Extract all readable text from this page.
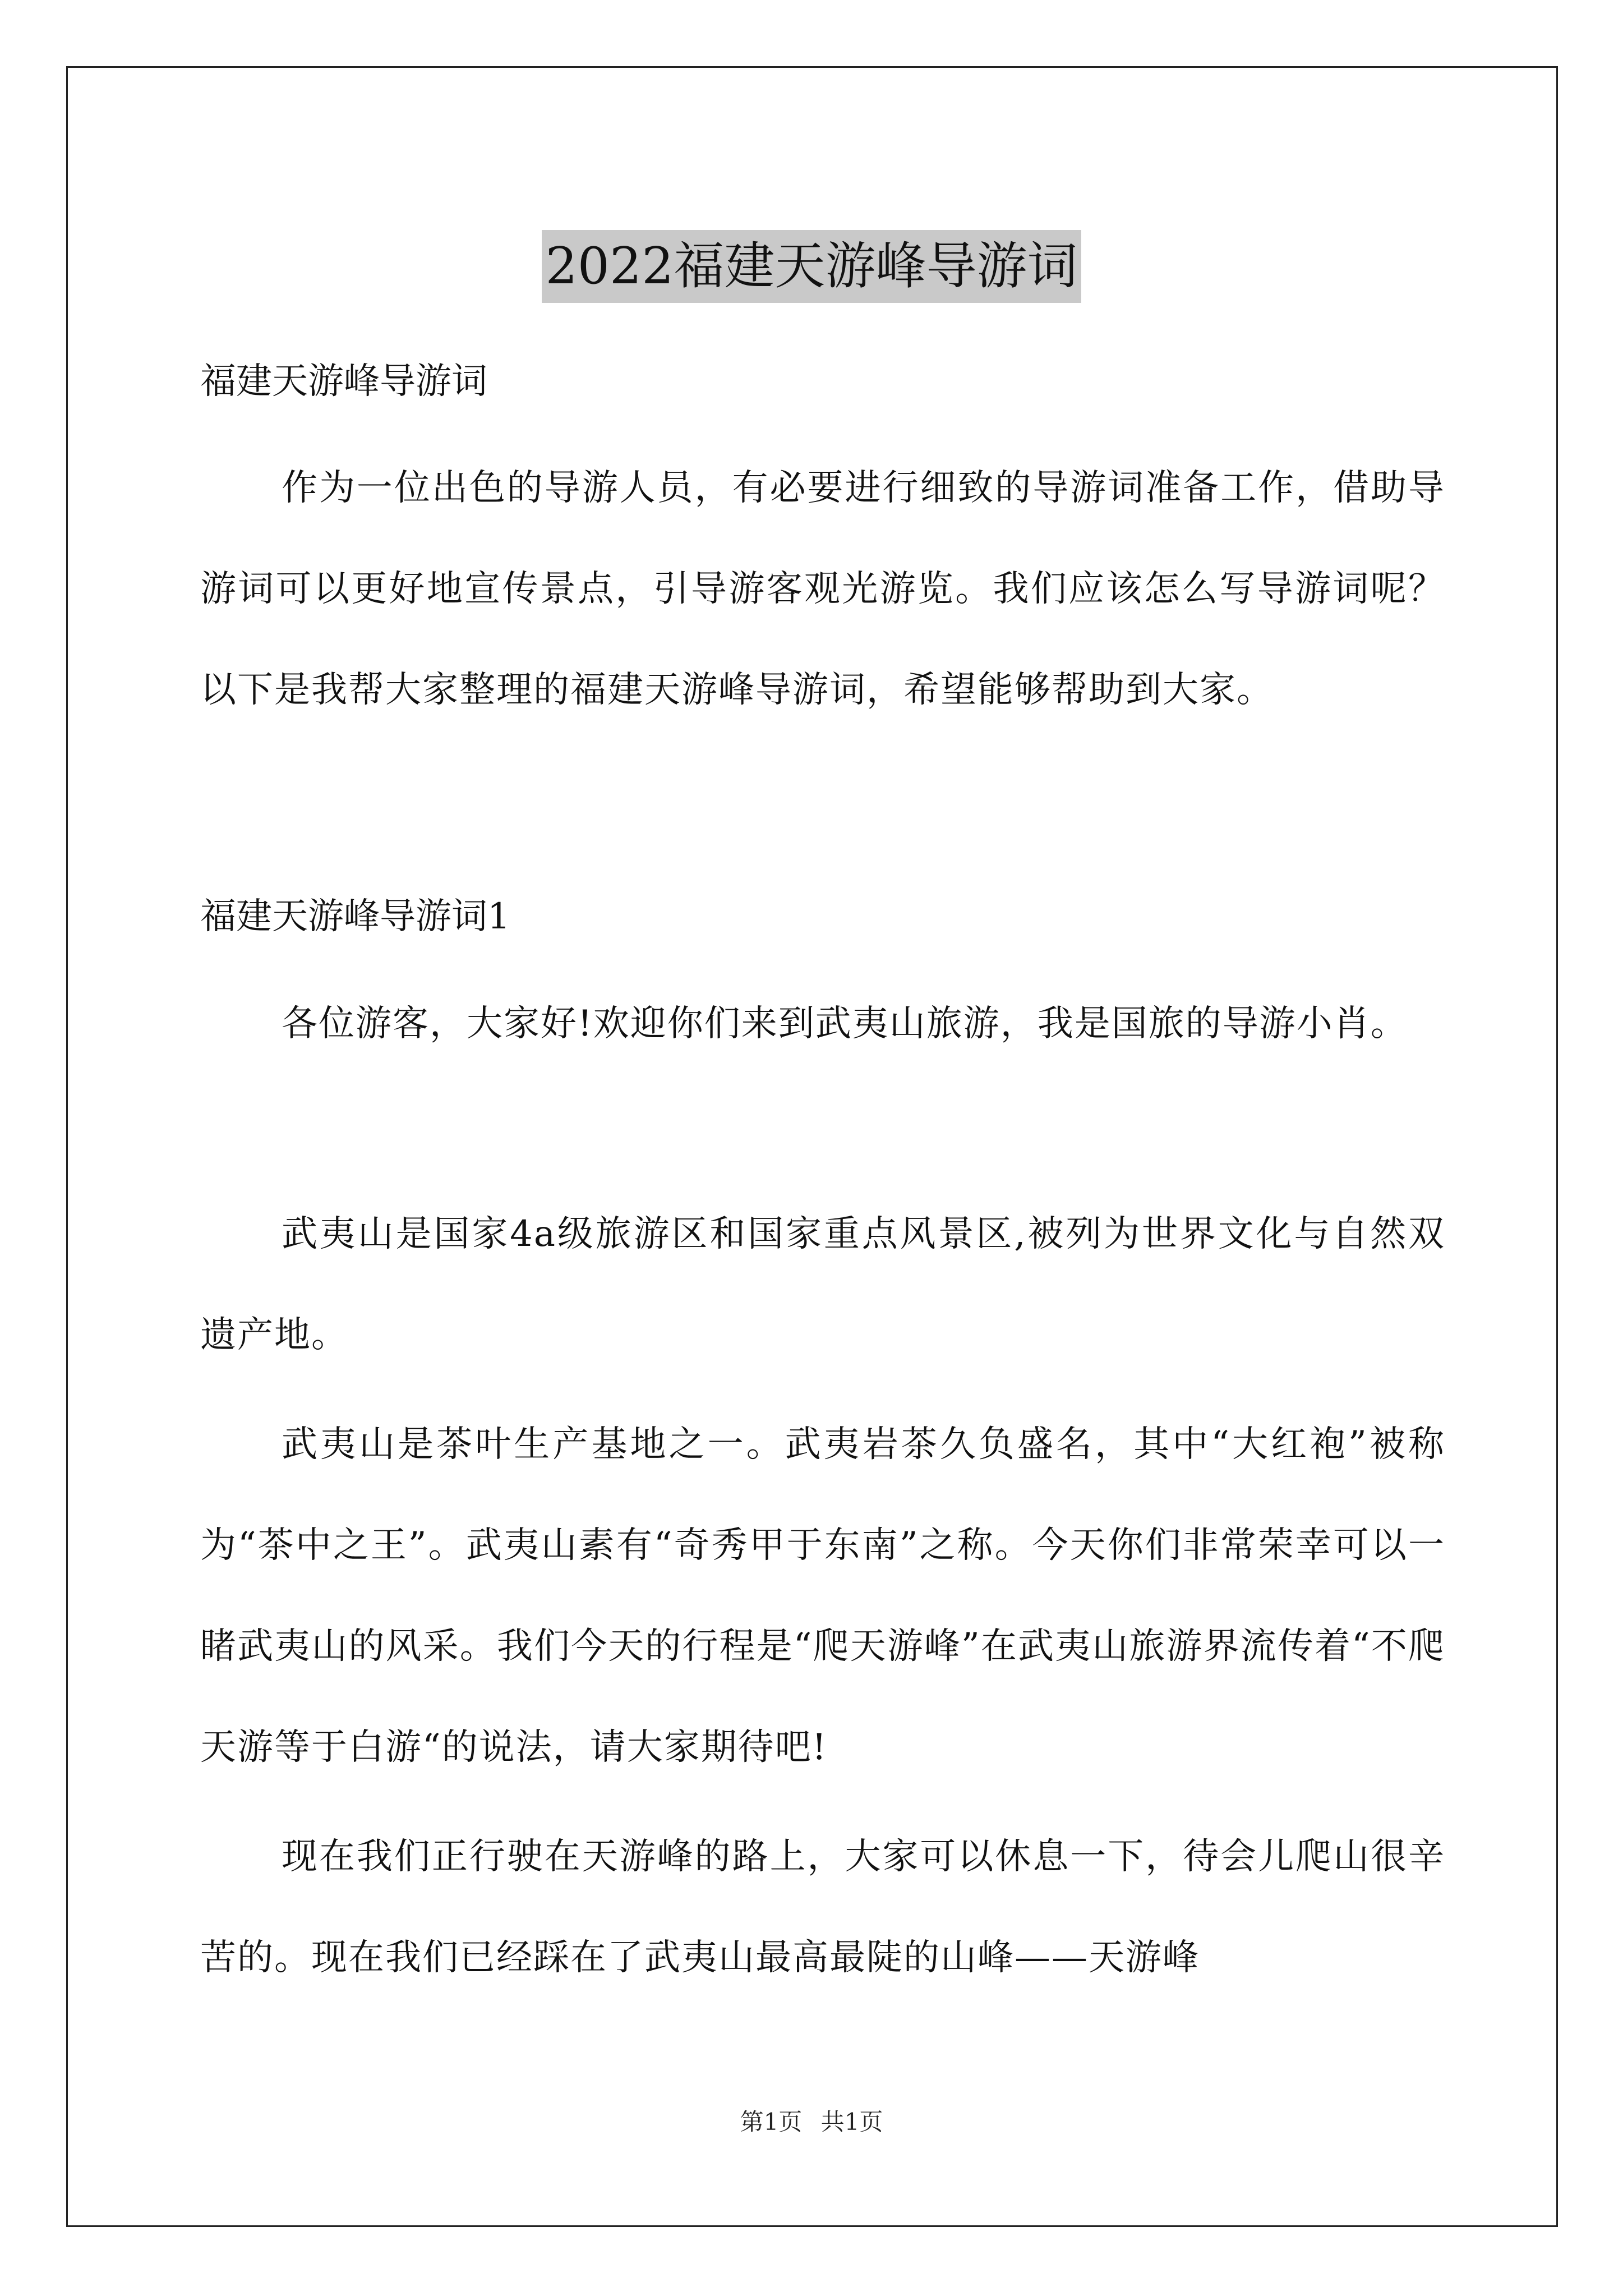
2022福建天游峰导游词
福建天游峰导游词

作为一位出色的导游人员，有必要进行细致的导游词准备工作，借助导游词可以更好地宣传景点，引导游客观光游览。我们应该怎么写导游词呢？以下是我帮大家整理的福建天游峰导游词，希望能够帮助到大家。

福建天游峰导游词1

各位游客，大家好!欢迎你们来到武夷山旅游，我是国旅的导游小肖。

武夷山是国家4a级旅游区和国家重点风景区,被列为世界文化与自然双遗产地。

武夷山是茶叶生产基地之一。武夷岩茶久负盛名，其中“大红袍”被称为“茶中之王”。武夷山素有“奇秀甲于东南”之称。今天你们非常荣幸可以一睹武夷山的风采。我们今天的行程是“爬天游峰”在武夷山旅游界流传着“不爬天游等于白游“的说法，请大家期待吧!

现在我们正行驶在天游峰的路上，大家可以休息一下，待会儿爬山很辛苦的。现在我们已经踩在了武夷山最高最陡的山峰——天游峰

第1页 共1页
